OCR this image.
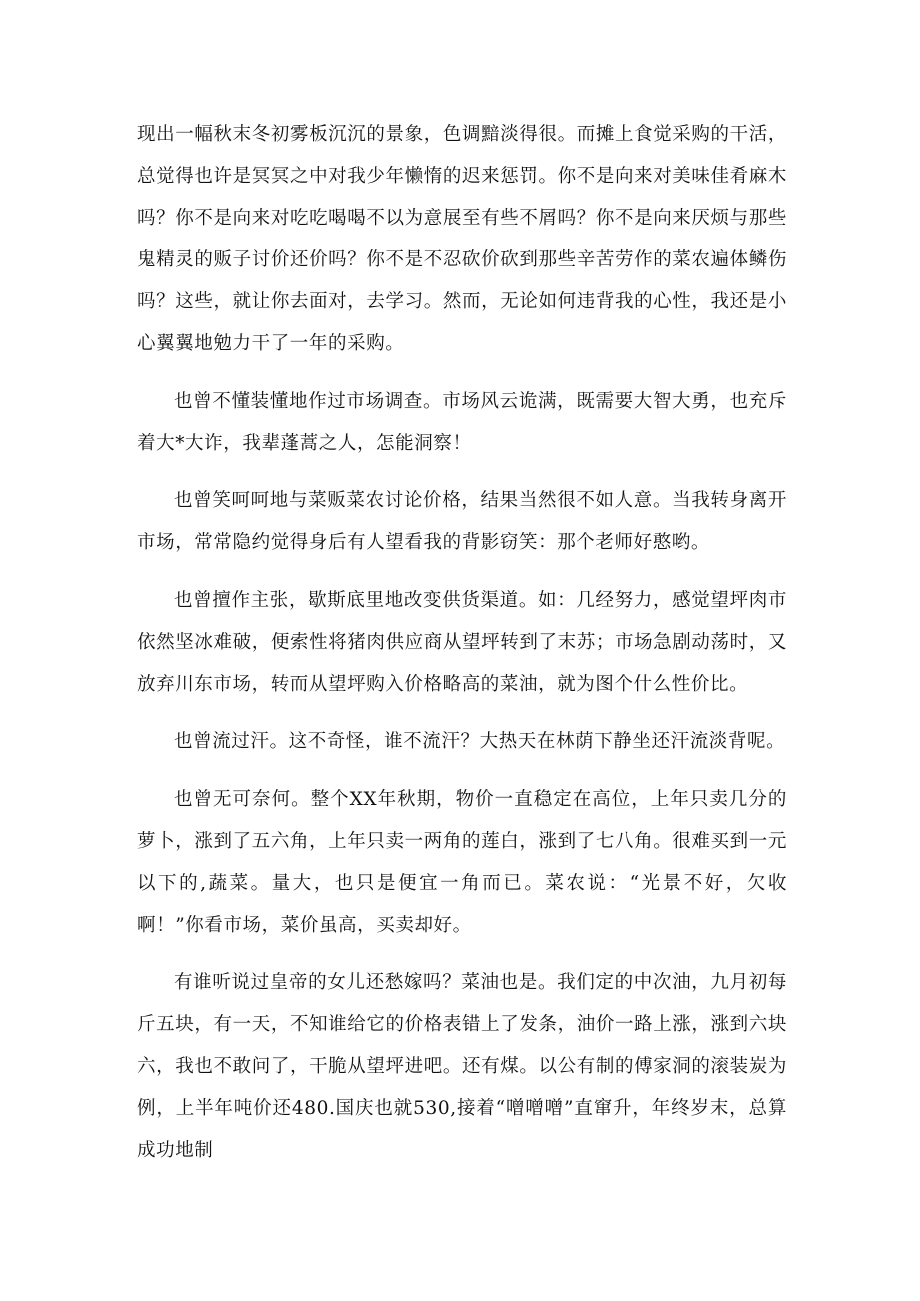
现出一幅秋末冬初雾板沉沉的景象，色调黯淡得很。而摊上食觉采购的干活，总觉得也许是冥冥之中对我少年懒惰的迟来惩罚。你不是向来对美味佳肴麻木吗？你不是向来对吃吃喝喝不以为意展至有些不屑吗？你不是向来厌烦与那些鬼精灵的贩子讨价还价吗？你不是不忍砍价砍到那些辛苦劳作的菜农遍体鳞伤吗？这些，就让你去面对，去学习。然而，无论如何违背我的心性，我还是小心翼翼地勉力干了一年的采购。

也曾不懂装懂地作过市场调查。市场风云诡满，既需要大智大勇，也充斥着大*大诈，我辈蓬蒿之人，怎能洞察！

也曾笑呵呵地与菜贩菜农讨论价格，结果当然很不如人意。当我转身离开市场，常常隐约觉得身后有人望看我的背影窃笑：那个老师好憨哟。

也曾擅作主张，歇斯底里地改变供货渠道。如：几经努力，感觉望坪肉市依然坚冰难破，便索性将猪肉供应商从望坪转到了末苏；市场急剧动荡时，又放弃川东市场，转而从望坪购入价格略高的菜油，就为图个什么性价比。

也曾流过汗。这不奇怪，谁不流汗？大热天在林荫下静坐还汗流淡背呢。

也曾无可奈何。整个XX年秋期，物价一直稳定在高位，上年只卖几分的萝卜，涨到了五六角，上年只卖一两角的莲白，涨到了七八角。很难买到一元以下的,蔬菜。量大，也只是便宜一角而已。菜农说：“光景不好，欠收啊！”你看市场，菜价虽高，买卖却好。

有谁听说过皇帝的女儿还愁嫁吗？菜油也是。我们定的中次油，九月初每斤五块，有一天，不知谁给它的价格表错上了发条，油价一路上涨，涨到六块六，我也不敢问了，干脆从望坪进吧。还有煤。以公有制的傅家洞的滚装炭为例，上半年吨价还480.国庆也就530,接着“噌噌噌”直窜升，年终岁末，总算成功地制
